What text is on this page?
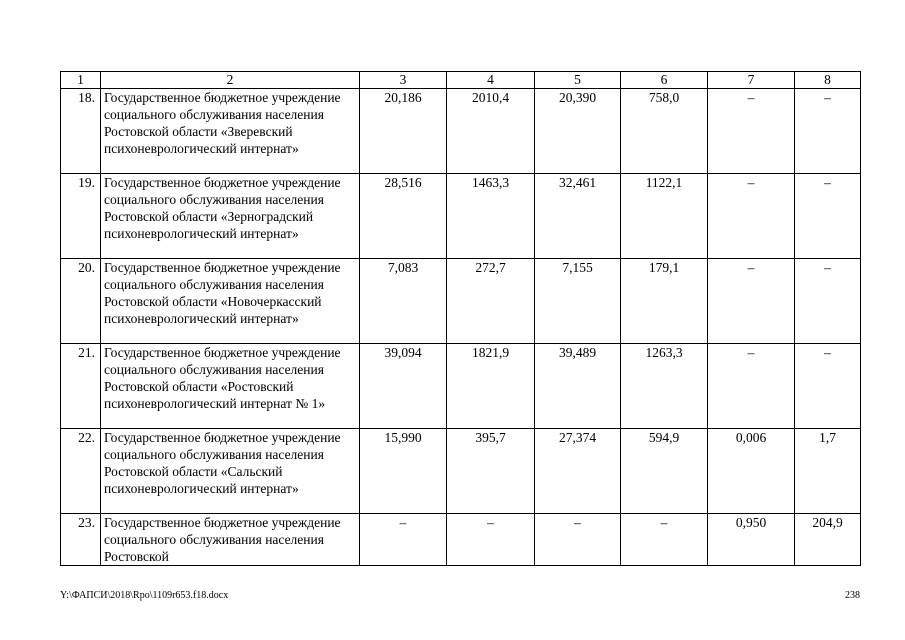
1	2	3	4	5	6	7	8
18.	Государственное бюджетное учреждение социального обслуживания населения Ростовской области «Зверевский психоневрологический интернат»	20,186	2010,4	20,390	758,0	–	–
19.	Государственное бюджетное учреждение социального обслуживания населения Ростовской области «Зерноградский психоневрологический интернат»	28,516	1463,3	32,461	1122,1	–	–
20.	Государственное бюджетное учреждение социального обслуживания населения Ростовской области «Новочеркасский психоневрологический интернат»	7,083	272,7	7,155	179,1	–	–
21.	Государственное бюджетное учреждение социального обслуживания населения Ростовской области «Ростовский психоневрологический интернат № 1»	39,094	1821,9	39,489	1263,3	–	–
22.	Государственное бюджетное учреждение социального обслуживания населения Ростовской области «Сальский психоневрологический интернат»	15,990	395,7	27,374	594,9	0,006	1,7
23.	Государственное бюджетное учреждение социального обслуживания населения Ростовской	–	–	–	–	0,950	204,9
Y:\ФАПСИ\2018\Rpo\1109r653.f18.docx	238
